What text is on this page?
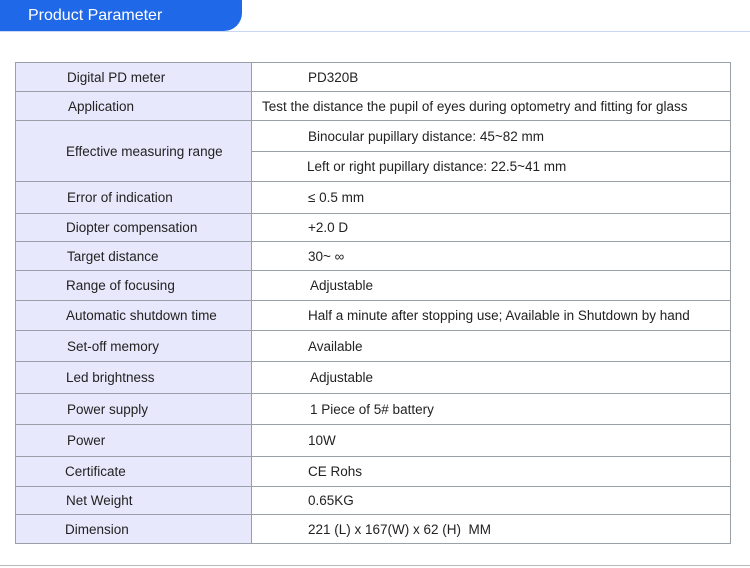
Product Parameter
Digital PD meter	PD320B
Application	Test the distance the pupil of eyes during optometry and fitting for glass
Effective measuring range	Binocular pupillary distance: 45~82 mm
	Left or right pupillary distance: 22.5~41 mm
Error of indication	≤ 0.5 mm
Diopter compensation	+2.0 D
Target distance	30~ ∞
Range of focusing	Adjustable
Automatic shutdown time	Half a minute after stopping use; Available in Shutdown by hand
Set-off memory	Available
Led brightness	Adjustable
Power supply	1 Piece of 5# battery
Power	10W
Certificate	CE Rohs
Net Weight	0.65KG
Dimension	221 (L) x 167(W) x 62 (H)  MM
